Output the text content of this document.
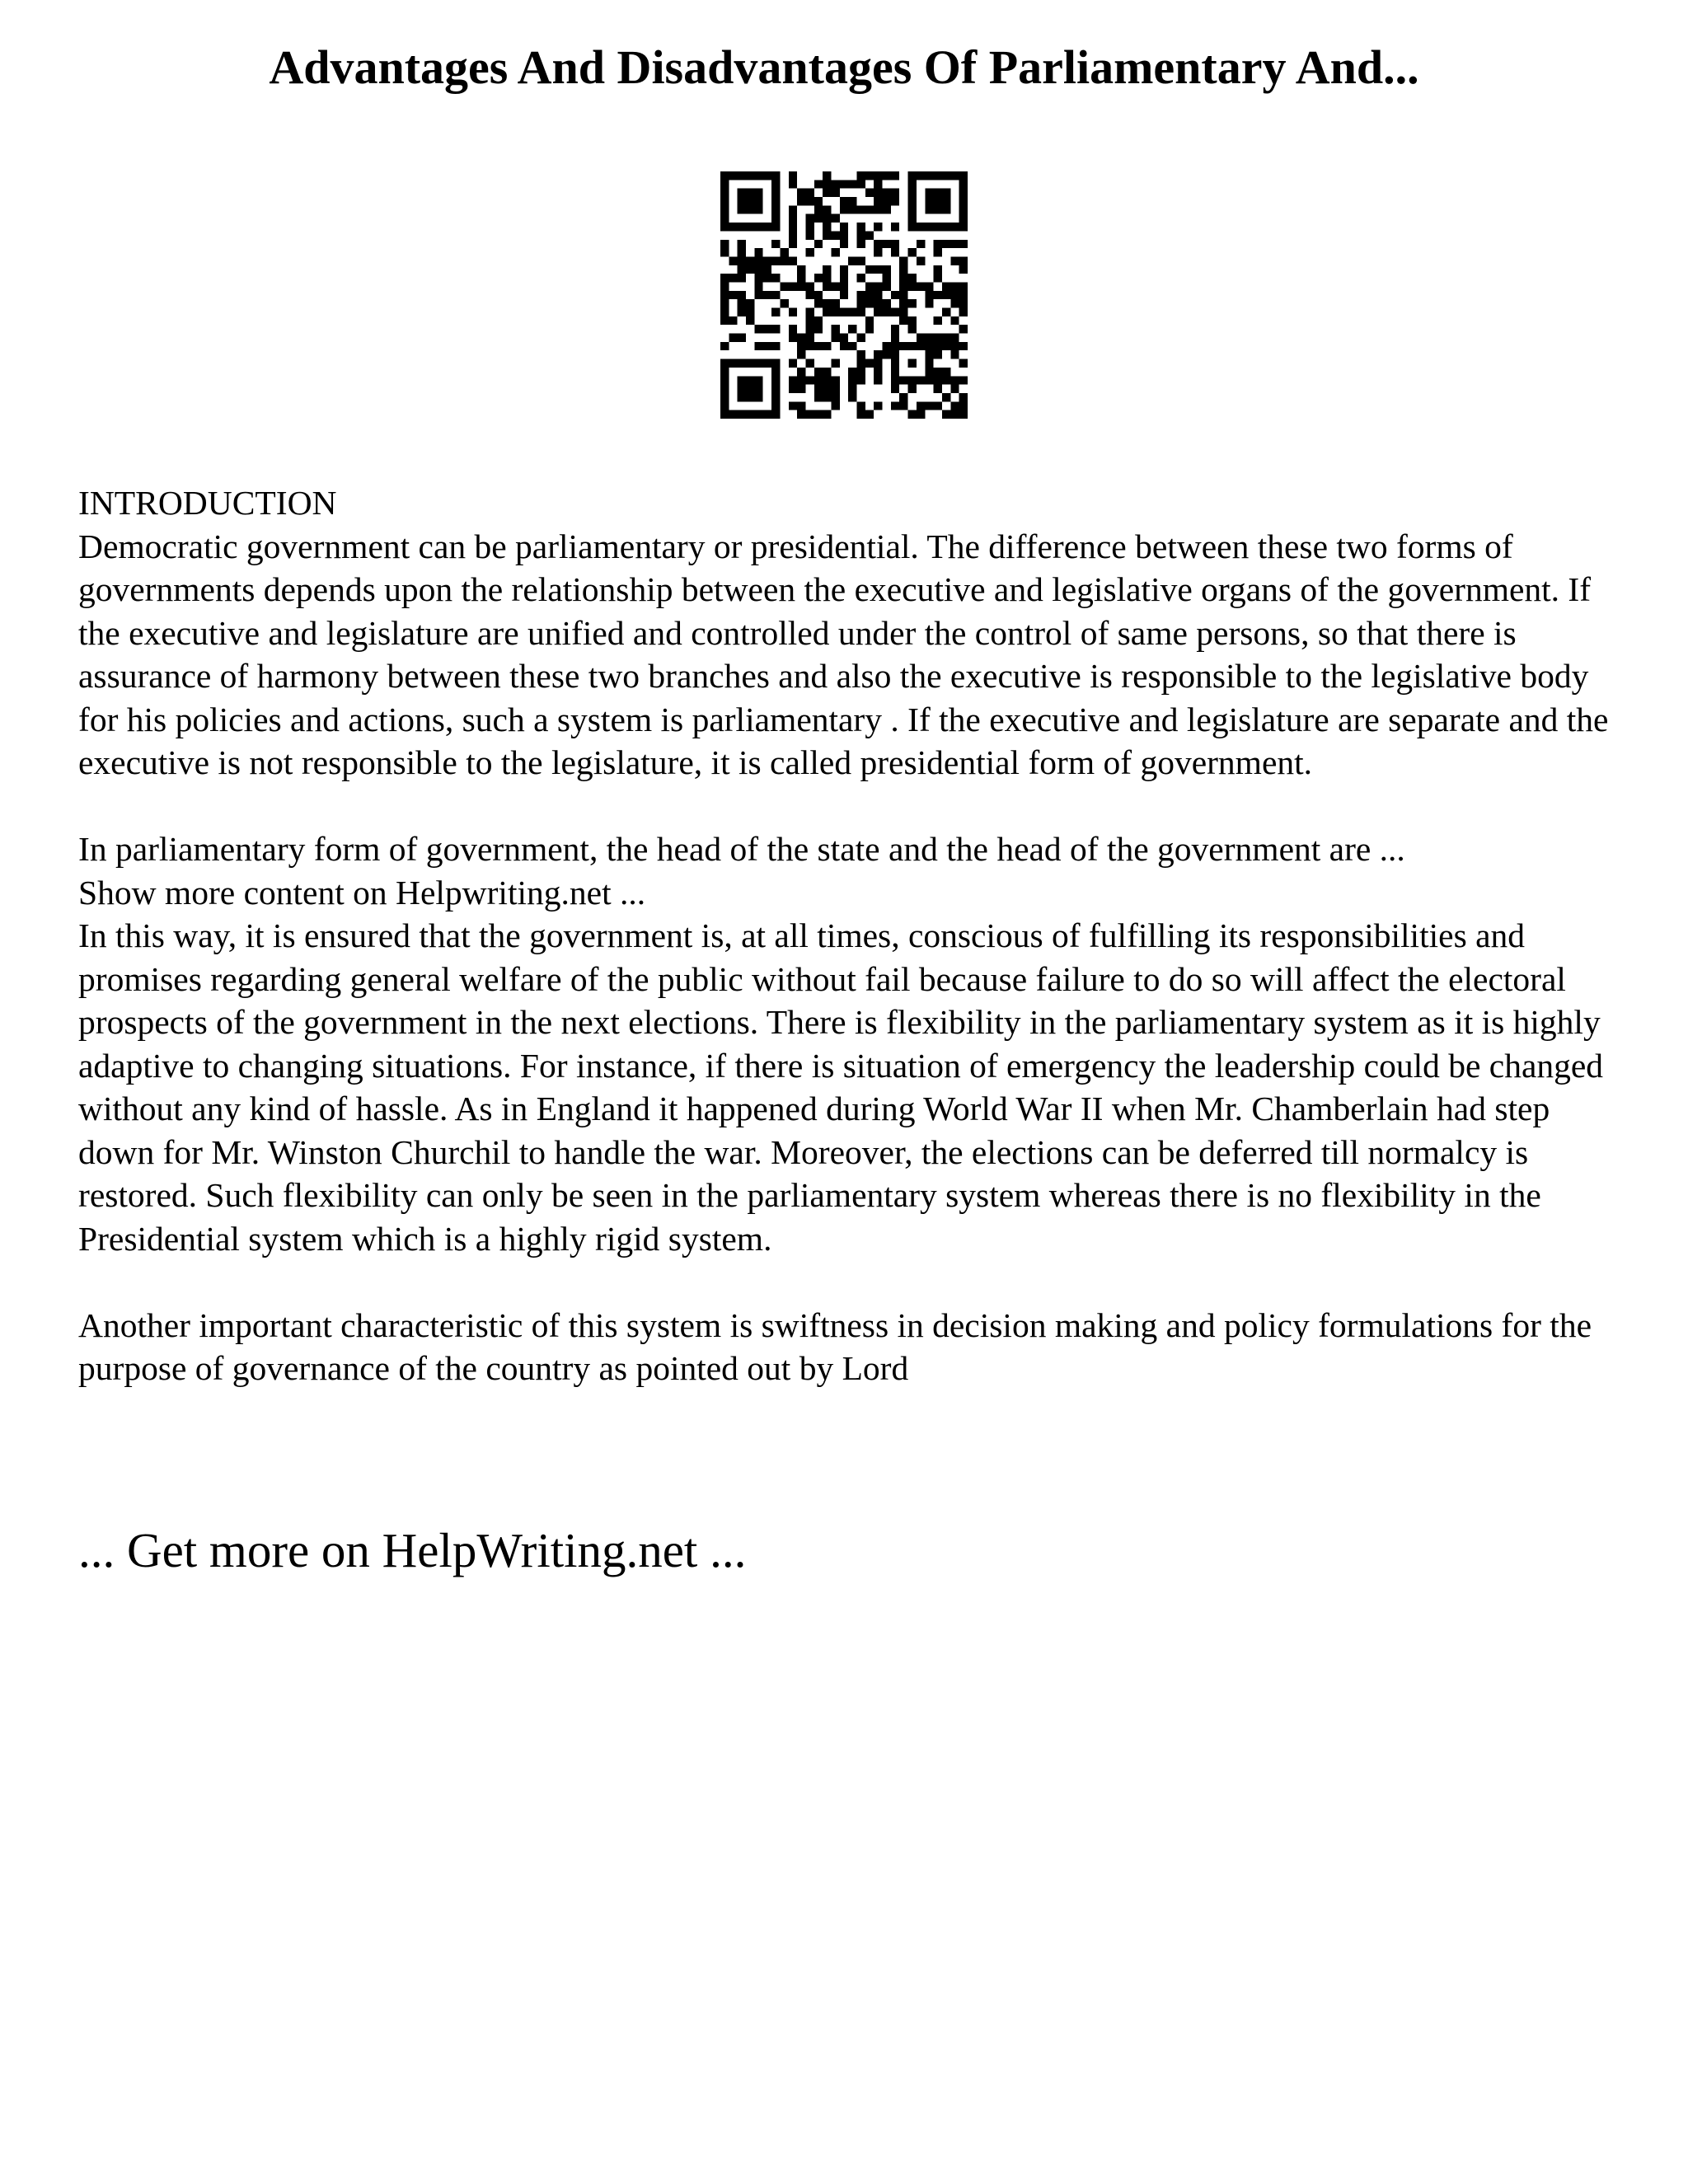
Advantages And Disadvantages Of Parliamentary And...

INTRODUCTION

Democratic government can be parliamentary or presidential. The difference between these two forms of governments depends upon the relationship between the executive and legislative organs of the government. If the executive and legislature are unified and controlled under the control of same persons, so that there is assurance of harmony between these two branches and also the executive is responsible to the legislative body for his policies and actions, such a system is parliamentary . If the executive and legislature are separate and the executive is not responsible to the legislature, it is called presidential form of government.

In parliamentary form of government, the head of the state and the head of the government are ...

Show more content on Helpwriting.net ...

In this way, it is ensured that the government is, at all times, conscious of fulfilling its responsibilities and promises regarding general welfare of the public without fail because failure to do so will affect the electoral prospects of the government in the next elections. There is flexibility in the parliamentary system as it is highly adaptive to changing situations. For instance, if there is situation of emergency the leadership could be changed without any kind of hassle. As in England it happened during World War II when Mr. Chamberlain had step down for Mr. Winston Churchil to handle the war. Moreover, the elections can be deferred till normalcy is restored. Such flexibility can only be seen in the parliamentary system whereas there is no flexibility in the Presidential system which is a highly rigid system.

Another important characteristic of this system is swiftness in decision making and policy formulations for the purpose of governance of the country as pointed out by Lord

... Get more on HelpWriting.net ...
